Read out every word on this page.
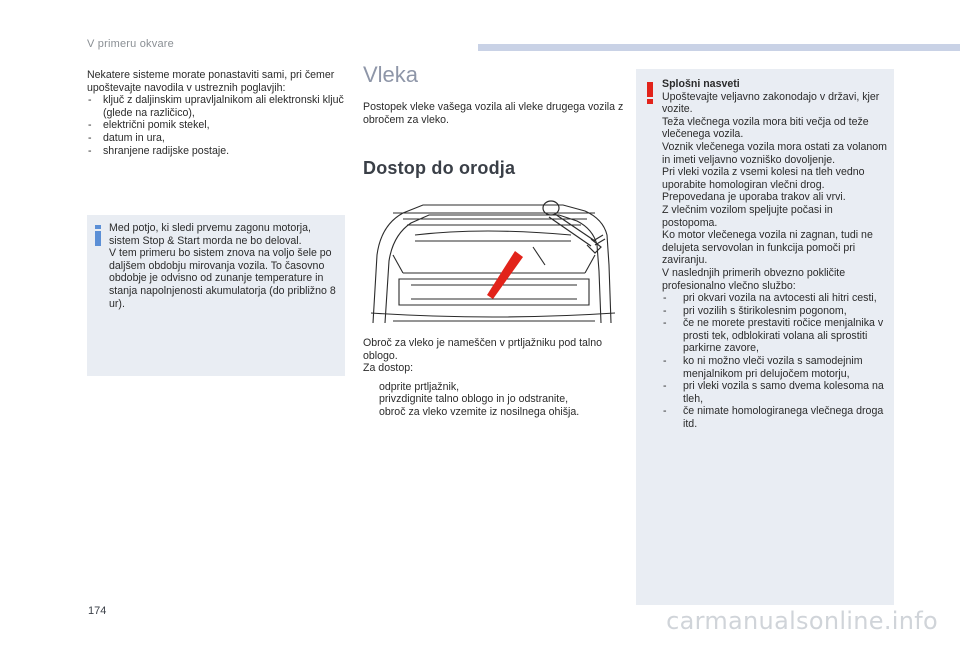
V primeru okvare

Nekatere sisteme morate ponastaviti sami, pri čemer upoštevajte navodila v ustreznih poglavjih:

- ključ z daljinskim upravljalnikom ali elektronski ključ (glede na različico),
- električni pomik stekel,
- datum in ura,
- shranjene radijske postaje.

Med potjo, ki sledi prvemu zagonu motorja, sistem Stop & Start morda ne bo deloval.
V tem primeru bo sistem znova na voljo šele po daljšem obdobju mirovanja vozila. To časovno obdobje je odvisno od zunanje temperature in stanja napolnjenosti akumulatorja (do približno 8 ur).

Vleka
Postopek vleke vašega vozila ali vleke drugega vozila z obročem za vleko.
Dostop do orodja

Obroč za vleko je nameščen v prtljažniku pod talno oblogo.
Za dostop:

odprite prtljažnik,
privzdignite talno oblogo in jo odstranite,
obroč za vleko vzemite iz nosilnega ohišja.

Splošni nasveti

Upoštevajte veljavno zakonodajo v državi, kjer vozite.

Teža vlečnega vozila mora biti večja od teže vlečenega vozila.

Voznik vlečenega vozila mora ostati za volanom in imeti veljavno vozniško dovoljenje.

Pri vleki vozila z vsemi kolesi na tleh vedno uporabite homologiran vlečni drog. Prepovedana je uporaba trakov ali vrvi.

Z vlečnim vozilom speljujte počasi in postopoma.

Ko motor vlečenega vozila ni zagnan, tudi ne delujeta servovolan in funkcija pomoči pri zaviranju.

V naslednjih primerih obvezno pokličite profesionalno vlečno službo:

- pri okvari vozila na avtocesti ali hitri cesti,
- pri vozilih s štirikolesnim pogonom,
- če ne morete prestaviti ročice menjalnika v prosti tek, odblokirati volana ali sprostiti parkirne zavore,
- ko ni možno vleči vozila s samodejnim menjalnikom pri delujočem motorju,
- pri vleki vozila s samo dvema kolesoma na tleh,
- če nimate homologiranega vlečnega droga itd.
174	carmanualsonline.info
